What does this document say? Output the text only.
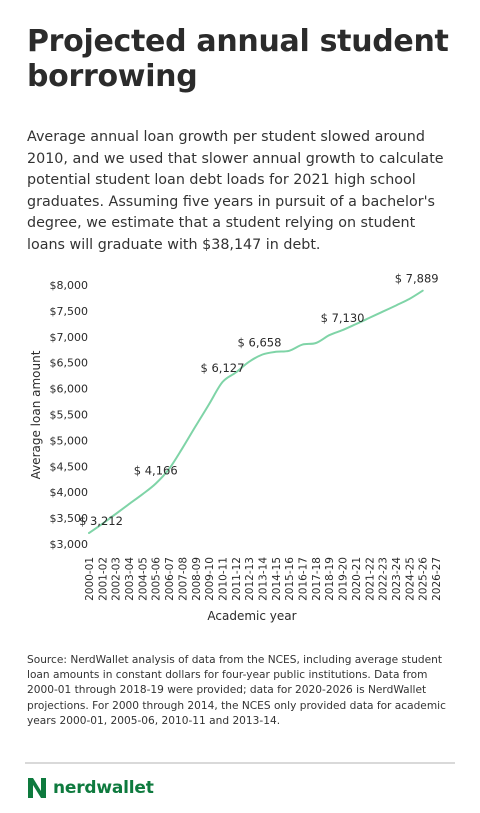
Projected annual student borrowing

Average annual loan growth per student slowed around 2010, and we used that slower annual growth to calculate potential student loan debt loads for 2021 high school graduates. Assuming five years in pursuit of a bachelor's degree, we estimate that a student relying on student loans will graduate with $38,147 in debt.

$3,000
$3,500
$4,000
$4,500
$5,000
$5,500
$6,000
$6,500
$7,000
$7,500
$8,000
2000-01 2001-02 2002-03 2003-04 2004-05 2005-06 2006-07 2007-08 2008-09 2009-10 2010-11 2011-12 2012-13 2013-14 2014-15 2015-16 2016-17 2017-18 2018-19 2019-20 2020-21 2021-22 2022-23 2023-24 2024-25 2025-26 2026-27
Average loan amount
Academic year
$ 3,212
$ 4,166
$ 6,127
$ 6,658
$ 7,130
$ 7,889

Source: NerdWallet analysis of data from the NCES, including average student loan amounts in constant dollars for four-year public institutions. Data from 2000-01 through 2018-19 were provided; data for 2020-2026 is NerdWallet projections. For 2000 through 2014, the NCES only provided data for academic years 2000-01, 2005-06, 2010-11 and 2013-14.

nerdwallet
